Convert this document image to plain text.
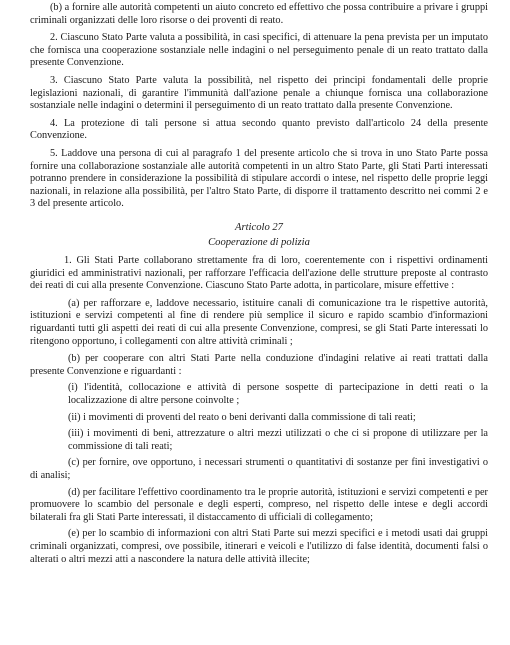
(b) a fornire alle autorità competenti un aiuto concreto ed effettivo che possa contribuire a privare i gruppi criminali organizzati delle loro risorse o dei proventi di reato.

2. Ciascuno Stato Parte valuta a possibilità, in casi specifici, di attenuare la pena prevista per un imputato che fornisca una cooperazione sostanziale nelle indagini o nel perseguimento penale di un reato trattato dalla presente Convenzione.

3. Ciascuno Stato Parte valuta la possibilità, nel rispetto dei principi fondamentali delle proprie legislazioni nazionali, di garantire l'immunità dall'azione penale a chiunque fornisca una collaborazione sostanziale nelle indagini o determini il perseguimento di un reato trattato dalla presente Convenzione.

4. La protezione di tali persone si attua secondo quanto previsto dall'articolo 24 della presente Convenzione.

5. Laddove una persona di cui al paragrafo 1 del presente articolo che si trova in uno Stato Parte possa fornire una collaborazione sostanziale alle autorità competenti in un altro Stato Parte, gli Stati Parti interessati potranno prendere in considerazione la possibilità di stipulare accordi o intese, nel rispetto delle proprie leggi nazionali, in relazione alla possibilità, per l'altro Stato Parte, di disporre il trattamento descritto nei commi 2 e 3 del presente articolo.

Articolo 27

Cooperazione di polizia

1. Gli Stati Parte collaborano strettamente fra di loro, coerentemente con i rispettivi ordinamenti giuridici ed amministrativi nazionali, per rafforzare l'efficacia dell'azione delle strutture preposte al contrasto dei reati di cui alla presente Convenzione. Ciascuno Stato Parte adotta, in particolare, misure effettive :

(a) per rafforzare e, laddove necessario, istituire canali di comunicazione tra le rispettive autorità, istituzioni e servizi competenti al fine di rendere più semplice il sicuro e rapido scambio d'informazioni riguardanti tutti gli aspetti dei reati di cui alla presente Convenzione, compresi, se gli Stati Parte interessati lo ritengono opportuno, i collegamenti con altre attività criminali ;

(b) per cooperare con altri Stati Parte nella conduzione d'indagini relative ai reati trattati dalla presente Convenzione e riguardanti :

(i) l'identità, collocazione e attività di persone sospette di partecipazione in detti reati o la localizzazione di altre persone coinvolte ;

(ii) i movimenti di proventi del reato o beni derivanti dalla commissione di tali reati;

(iii) i movimenti di beni, attrezzature o altri mezzi utilizzati o che ci si propone di utilizzare per la commissione di tali reati;

(c) per fornire, ove opportuno, i necessari strumenti o quantitativi di sostanze per fini investigativi o di analisi;

(d) per facilitare l'effettivo coordinamento tra le proprie autorità, istituzioni e servizi competenti e per promuovere lo scambio del personale e degli esperti, compreso, nel rispetto delle intese e degli accordi bilaterali fra gli Stati Parte interessati, il distaccamento di ufficiali di collegamento;

(e) per lo scambio di informazioni con altri Stati Parte sui mezzi specifici e i metodi usati dai gruppi criminali organizzati, compresi, ove possibile, itinerari e veicoli e l'utilizzo di false identità, documenti falsi o alterati o altri mezzi atti a nascondere la natura delle attività illecite;
